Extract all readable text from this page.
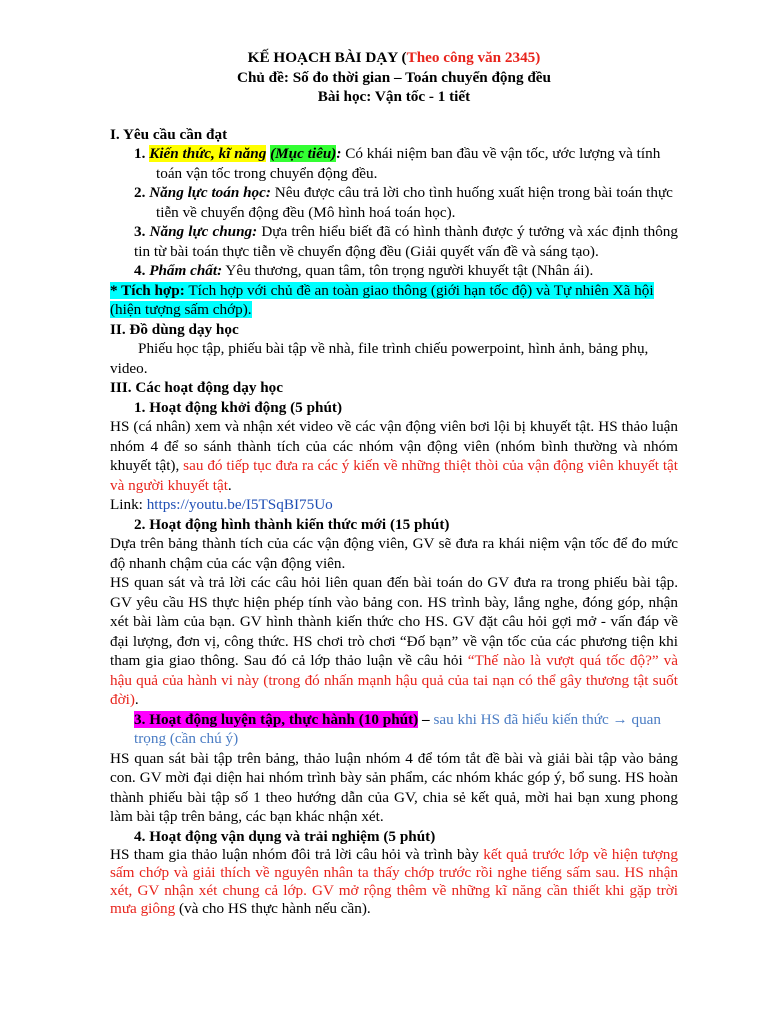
KẾ HOẠCH BÀI DẠY (Theo công văn 2345)

Chủ đề: Số đo thời gian – Toán chuyển động đều

Bài học: Vận tốc - 1 tiết

I. Yêu cầu cần đạt

1. Kiến thức, kĩ năng (Mục tiêu): Có khái niệm ban đầu về vận tốc, ước lượng và tính toán vận tốc trong chuyển động đều.

2. Năng lực toán học: Nêu được câu trả lời cho tình huống xuất hiện trong bài toán thực tiễn về chuyển động đều (Mô hình hoá toán học).

3. Năng lực chung: Dựa trên hiểu biết đã có hình thành được ý tưởng và xác định thông tin từ bài toán thực tiễn về chuyển động đều (Giải quyết vấn đề và sáng tạo).

4. Phẩm chất: Yêu thương, quan tâm, tôn trọng người khuyết tật (Nhân ái).

* Tích hợp: Tích hợp với chủ đề an toàn giao thông (giới hạn tốc độ) và Tự nhiên Xã hội (hiện tượng sấm chớp).

II. Đồ dùng dạy học

Phiếu học tập, phiếu bài tập về nhà, file trình chiếu powerpoint, hình ảnh, bảng phụ, video.

III. Các hoạt động dạy học

1. Hoạt động khởi động (5 phút)

HS (cá nhân) xem và nhận xét video về các vận động viên bơi lội bị khuyết tật. HS thảo luận nhóm 4 để so sánh thành tích của các nhóm vận động viên (nhóm bình thường và nhóm khuyết tật), sau đó tiếp tục đưa ra các ý kiến về những thiệt thòi của vận động viên khuyết tật và người khuyết tật.

Link: https://youtu.be/I5TSqBI75Uo

2. Hoạt động hình thành kiến thức mới (15 phút)

Dựa trên bảng thành tích của các vận động viên, GV sẽ đưa ra khái niệm vận tốc để đo mức độ nhanh chậm của các vận động viên.

HS quan sát và trả lời các câu hỏi liên quan đến bài toán do GV đưa ra trong phiếu bài tập. GV yêu cầu HS thực hiện phép tính vào bảng con. HS trình bày, lắng nghe, đóng góp, nhận xét bài làm của bạn. GV hình thành kiến thức cho HS. GV đặt câu hỏi gợi mở - vấn đáp về đại lượng, đơn vị, công thức. HS chơi trò chơi “Đố bạn” về vận tốc của các phương tiện khi tham gia giao thông. Sau đó cả lớp thảo luận về câu hỏi “Thế nào là vượt quá tốc độ?” và hậu quả của hành vi này (trong đó nhấn mạnh hậu quả của tai nạn có thể gây thương tật suốt đời).

3. Hoạt động luyện tập, thực hành (10 phút) – sau khi HS đã hiểu kiến thức → quan trọng (cần chú ý)

HS quan sát bài tập trên bảng, thảo luận nhóm 4 để tóm tắt đề bài và giải bài tập vào bảng con. GV mời đại diện hai nhóm trình bày sản phẩm, các nhóm khác góp ý, bổ sung. HS hoàn thành phiếu bài tập số 1 theo hướng dẫn của GV, chia sẻ kết quả, mời hai bạn xung phong làm bài tập trên bảng, các bạn khác nhận xét.

4. Hoạt động vận dụng và trải nghiệm (5 phút)

HS tham gia thảo luận nhóm đôi trả lời câu hỏi và trình bày kết quả trước lớp về hiện tượng sấm chớp và giải thích về nguyên nhân ta thấy chớp trước rồi nghe tiếng sấm sau. HS nhận xét, GV nhận xét chung cả lớp. GV mở rộng thêm về những kĩ năng cần thiết khi gặp trời mưa giông (và cho HS thực hành nếu cần).
